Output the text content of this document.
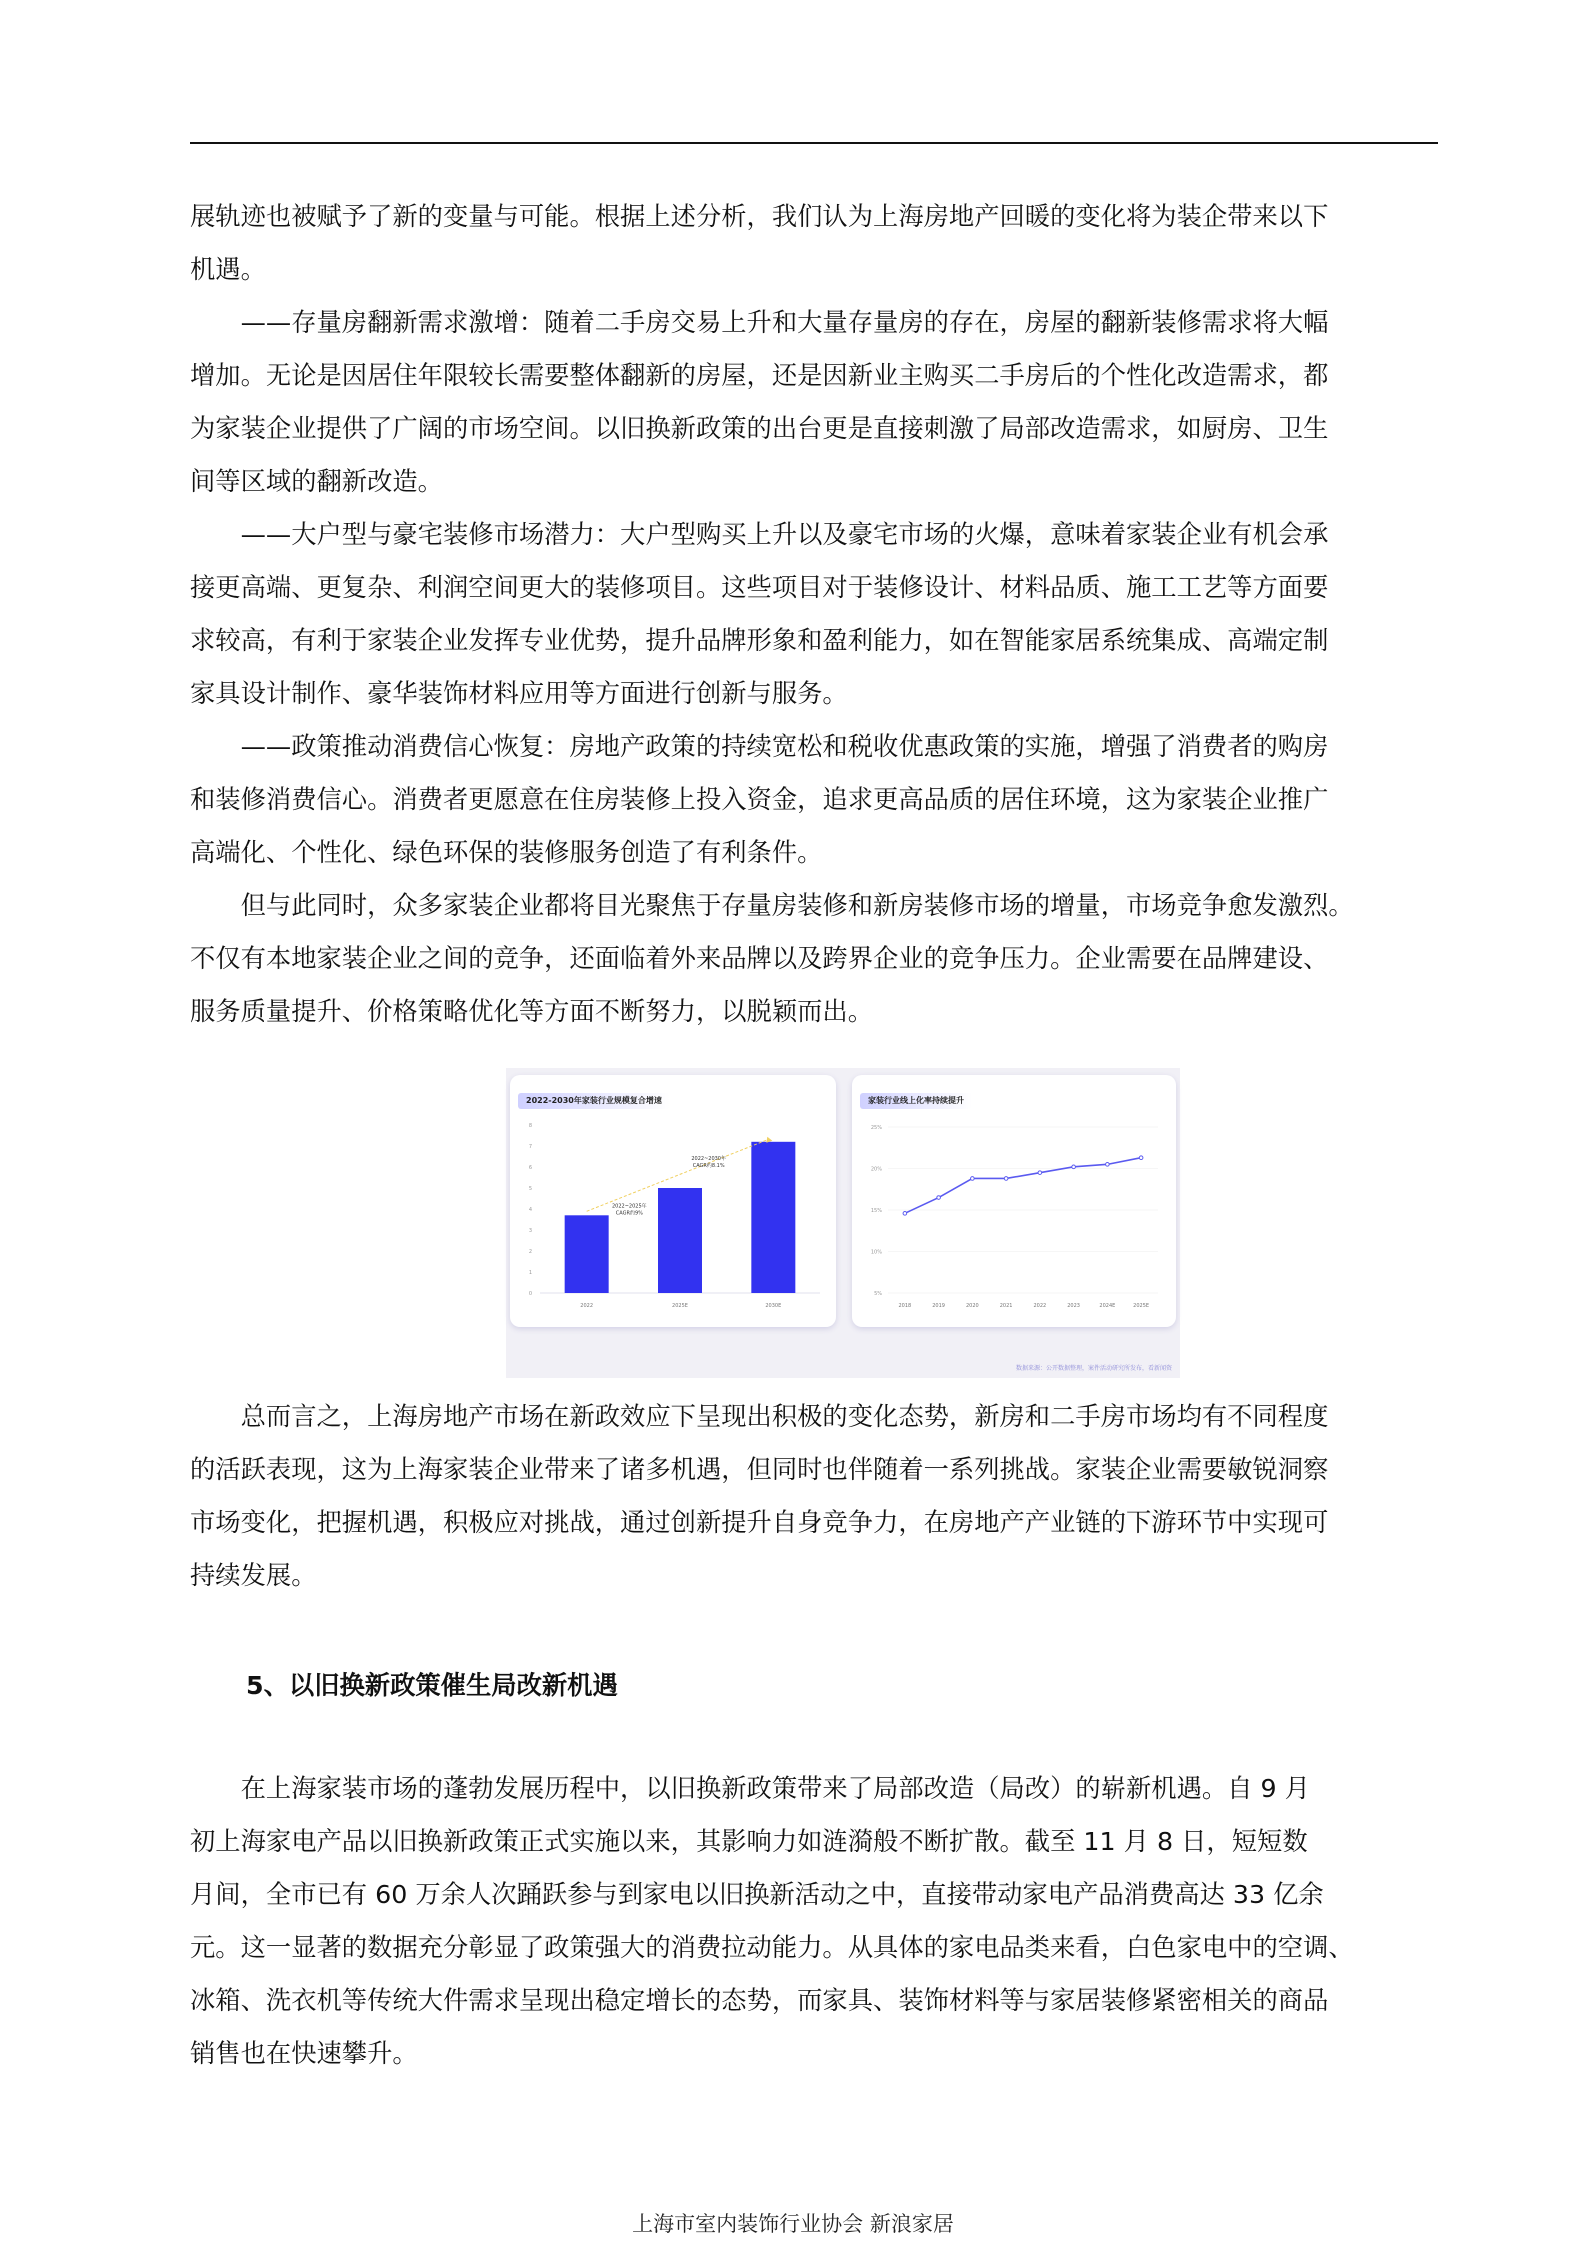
展轨迹也被赋予了新的变量与可能。根据上述分析，我们认为上海房地产回暖的变化将为装企带来以下
机遇。
　　——存量房翻新需求激增：随着二手房交易上升和大量存量房的存在，房屋的翻新装修需求将大幅
增加。无论是因居住年限较长需要整体翻新的房屋，还是因新业主购买二手房后的个性化改造需求，都
为家装企业提供了广阔的市场空间。以旧换新政策的出台更是直接刺激了局部改造需求，如厨房、卫生
间等区域的翻新改造。
　　——大户型与豪宅装修市场潜力：大户型购买上升以及豪宅市场的火爆，意味着家装企业有机会承
接更高端、更复杂、利润空间更大的装修项目。这些项目对于装修设计、材料品质、施工工艺等方面要
求较高，有利于家装企业发挥专业优势，提升品牌形象和盈利能力，如在智能家居系统集成、高端定制
家具设计制作、豪华装饰材料应用等方面进行创新与服务。
　　——政策推动消费信心恢复：房地产政策的持续宽松和税收优惠政策的实施，增强了消费者的购房
和装修消费信心。消费者更愿意在住房装修上投入资金，追求更高品质的居住环境，这为家装企业推广
高端化、个性化、绿色环保的装修服务创造了有利条件。
　　但与此同时，众多家装企业都将目光聚焦于存量房装修和新房装修市场的增量，市场竞争愈发激烈。
不仅有本地家装企业之间的竞争，还面临着外来品牌以及跨界企业的竞争压力。企业需要在品牌建设、
服务质量提升、价格策略优化等方面不断努力，以脱颖而出。
2022-2030年家装行业规模复合增速
0
1
2
3
4
5
6
7
8
2022	2025E	2030E
2022~2025年
CAGR约9%
2022~2030年
CAGR约8.1%
家装行业线上化率持续提升
5%
10%
15%
20%
25%
2018	2019	2020	2021	2022	2023	2024E	2025E
数据来源：公开数据整理，案件活动研究所发布，看新闻资
　　总而言之，上海房地产市场在新政效应下呈现出积极的变化态势，新房和二手房市场均有不同程度
的活跃表现，这为上海家装企业带来了诸多机遇，但同时也伴随着一系列挑战。家装企业需要敏锐洞察
市场变化，把握机遇，积极应对挑战，通过创新提升自身竞争力，在房地产产业链的下游环节中实现可
持续发展。
5、以旧换新政策催生局改新机遇
　　在上海家装市场的蓬勃发展历程中，以旧换新政策带来了局部改造（局改）的崭新机遇。自 9 月
初上海家电产品以旧换新政策正式实施以来，其影响力如涟漪般不断扩散。截至 11 月 8 日，短短数
月间，全市已有 60 万余人次踊跃参与到家电以旧换新活动之中，直接带动家电产品消费高达 33 亿余
元。这一显著的数据充分彰显了政策强大的消费拉动能力。从具体的家电品类来看，白色家电中的空调、
冰箱、洗衣机等传统大件需求呈现出稳定增长的态势，而家具、装饰材料等与家居装修紧密相关的商品
销售也在快速攀升。
上海市室内装饰行业协会 新浪家居
